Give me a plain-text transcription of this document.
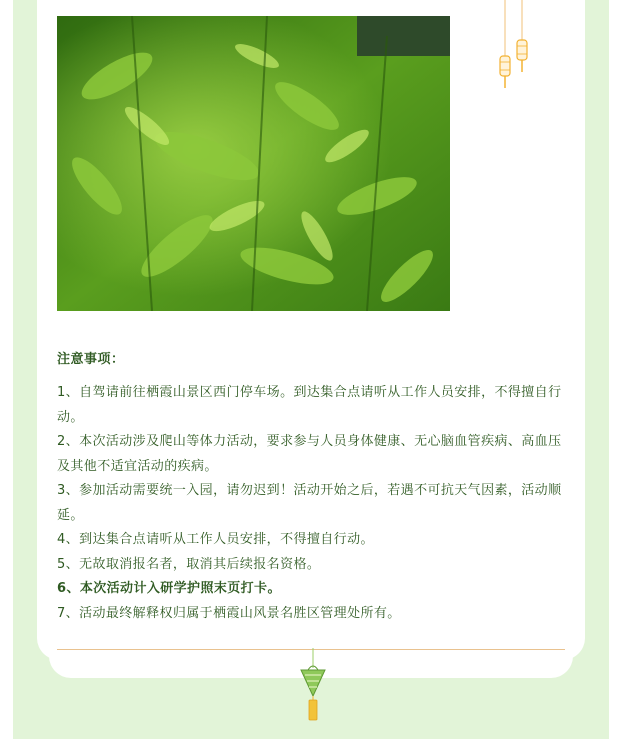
注意事项：
1、自驾请前往栖霞山景区西门停车场。到达集合点请听从工作人员安排，不得擅自行动。
2、本次活动涉及爬山等体力活动，要求参与人员身体健康、无心脑血管疾病、高血压及其他不适宜活动的疾病。
3、参加活动需要统一入园，请勿迟到！活动开始之后，若遇不可抗天气因素，活动顺延。
4、到达集合点请听从工作人员安排，不得擅自行动。
5、无故取消报名者，取消其后续报名资格。
6、本次活动计入研学护照末页打卡。
7、活动最终解释权归属于栖霞山风景名胜区管理处所有。
